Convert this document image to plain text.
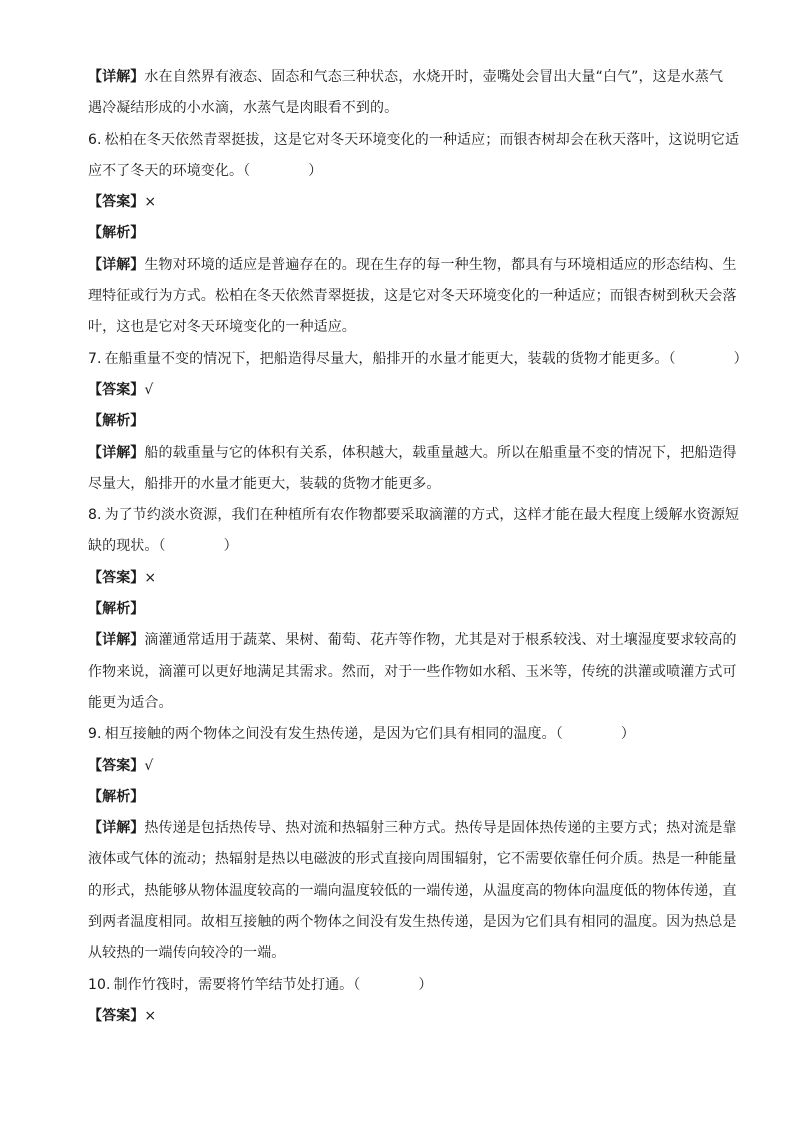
【详解】水在自然界有液态、固态和气态三种状态，水烧开时，壶嘴处会冒出大量“白气”，这是水蒸气
遇冷凝结形成的小水滴，水蒸气是肉眼看不到的。
6. 松柏在冬天依然青翠挺拔，这是它对冬天环境变化的一种适应；而银杏树却会在秋天落叶，这说明它适
应不了冬天的环境变化。（	）
【答案】×
【解析】
【详解】生物对环境的适应是普遍存在的。现在生存的每一种生物，都具有与环境相适应的形态结构、生
理特征或行为方式。松柏在冬天依然青翠挺拔，这是它对冬天环境变化的一种适应；而银杏树到秋天会落
叶，这也是它对冬天环境变化的一种适应。
7. 在船重量不变的情况下，把船造得尽量大，船排开的水量才能更大，装载的货物才能更多。（	）
【答案】√
【解析】
【详解】船的载重量与它的体积有关系，体积越大，载重量越大。所以在船重量不变的情况下，把船造得
尽量大，船排开的水量才能更大，装载的货物才能更多。
8. 为了节约淡水资源，我们在种植所有农作物都要采取滴灌的方式，这样才能在最大程度上缓解水资源短
缺的现状。（	）
【答案】×
【解析】
【详解】滴灌通常适用于蔬菜、果树、葡萄、花卉等作物，尤其是对于根系较浅、对土壤湿度要求较高的
作物来说，滴灌可以更好地满足其需求。然而，对于一些作物如水稻、玉米等，传统的洪灌或喷灌方式可
能更为适合。
9. 相互接触的两个物体之间没有发生热传递，是因为它们具有相同的温度。（	）
【答案】√
【解析】
【详解】热传递是包括热传导、热对流和热辐射三种方式。热传导是固体热传递的主要方式；热对流是靠
液体或气体的流动；热辐射是热以电磁波的形式直接向周围辐射，它不需要依靠任何介质。热是一种能量
的形式，热能够从物体温度较高的一端向温度较低的一端传递，从温度高的物体向温度低的物体传递，直
到两者温度相同。故相互接触的两个物体之间没有发生热传递，是因为它们具有相同的温度。因为热总是
从较热的一端传向较冷的一端。
10. 制作竹筏时，需要将竹竿结节处打通。（	）
【答案】×
